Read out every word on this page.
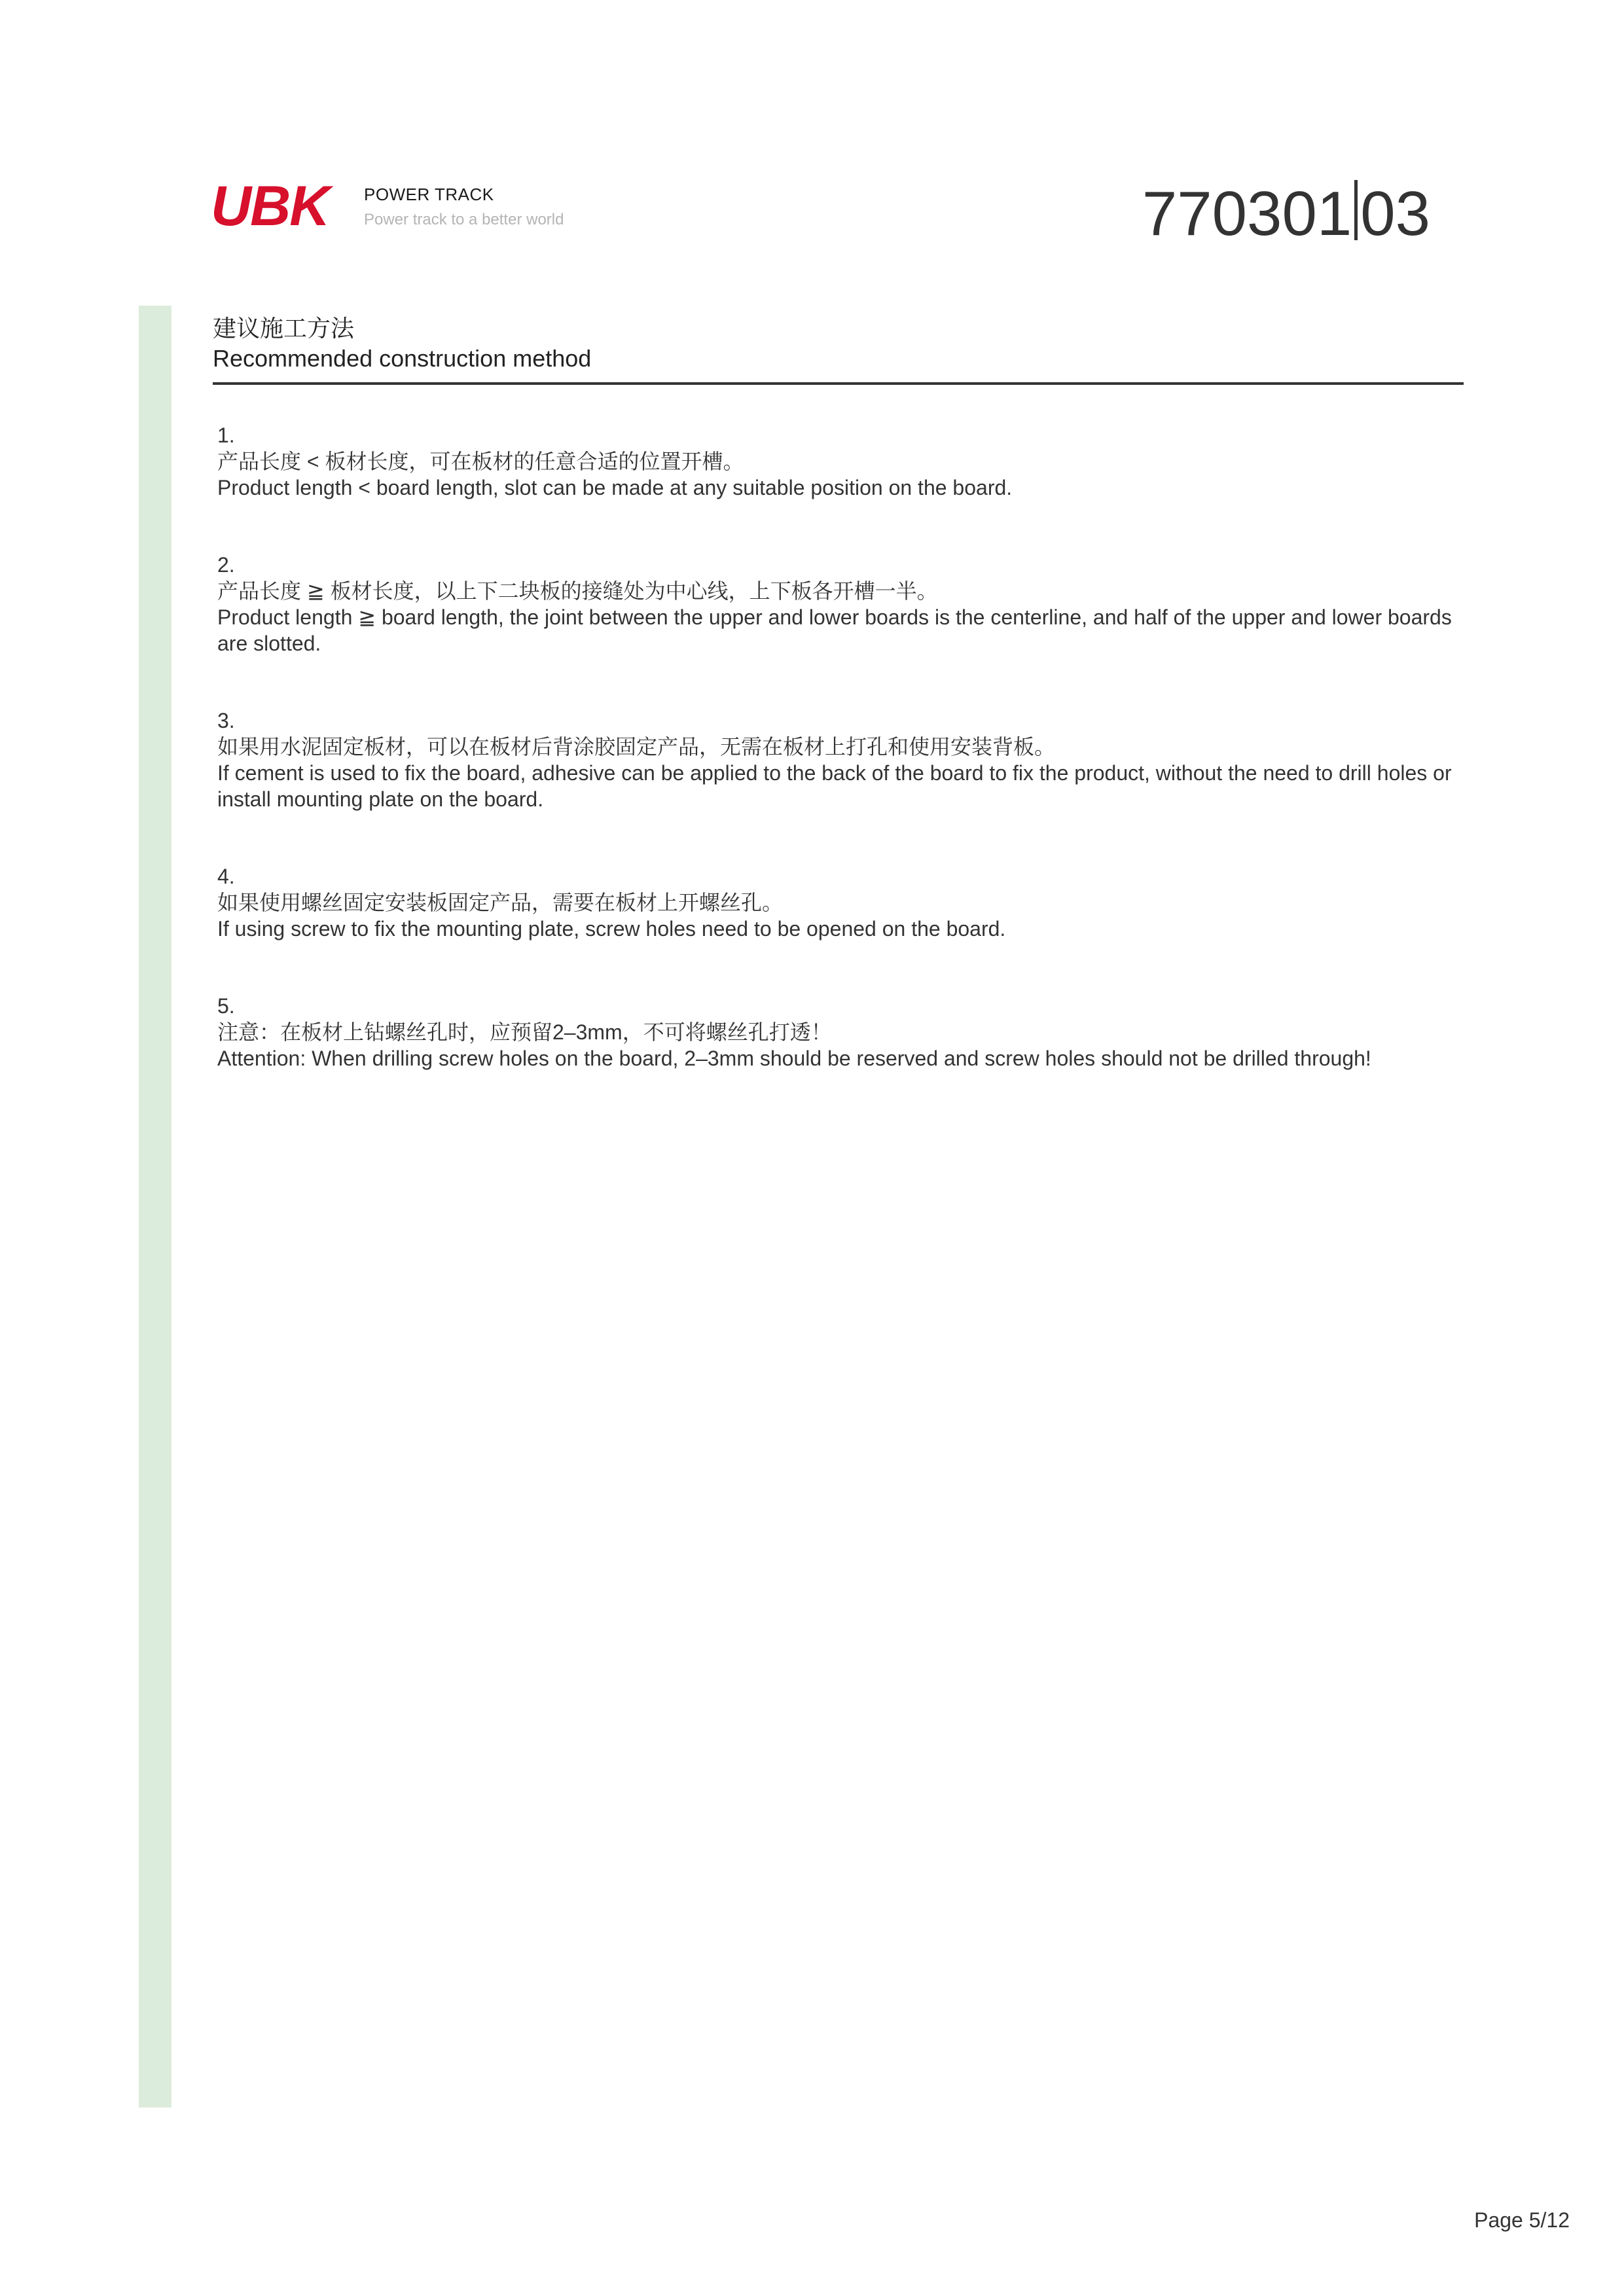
UBK POWER TRACK
Power track to a better world	770301 03
建议施工方法
Recommended construction method
1.
产品长度 < 板材长度，可在板材的任意合适的位置开槽。
Product length < board length, slot can be made at any suitable position on the board.
2.
产品长度 ≧ 板材长度，以上下二块板的接缝处为中心线，上下板各开槽一半。
Product length ≧ board length, the joint between the upper and lower boards is the centerline, and half of the upper and lower boards are slotted.
3.
如果用水泥固定板材，可以在板材后背涂胶固定产品，无需在板材上打孔和使用安装背板。
If cement is used to fix the board, adhesive can be applied to the back of the board to fix the product, without the need to drill holes or install mounting plate on the board.
4.
如果使用螺丝固定安装板固定产品，需要在板材上开螺丝孔。
If using screw to fix the mounting plate, screw holes need to be opened on the board.
5.
注意：在板材上钻螺丝孔时，应预留2–3mm，不可将螺丝孔打透！
Attention: When drilling screw holes on the board, 2–3mm should be reserved and screw holes should not be drilled through!
Page 5/12
